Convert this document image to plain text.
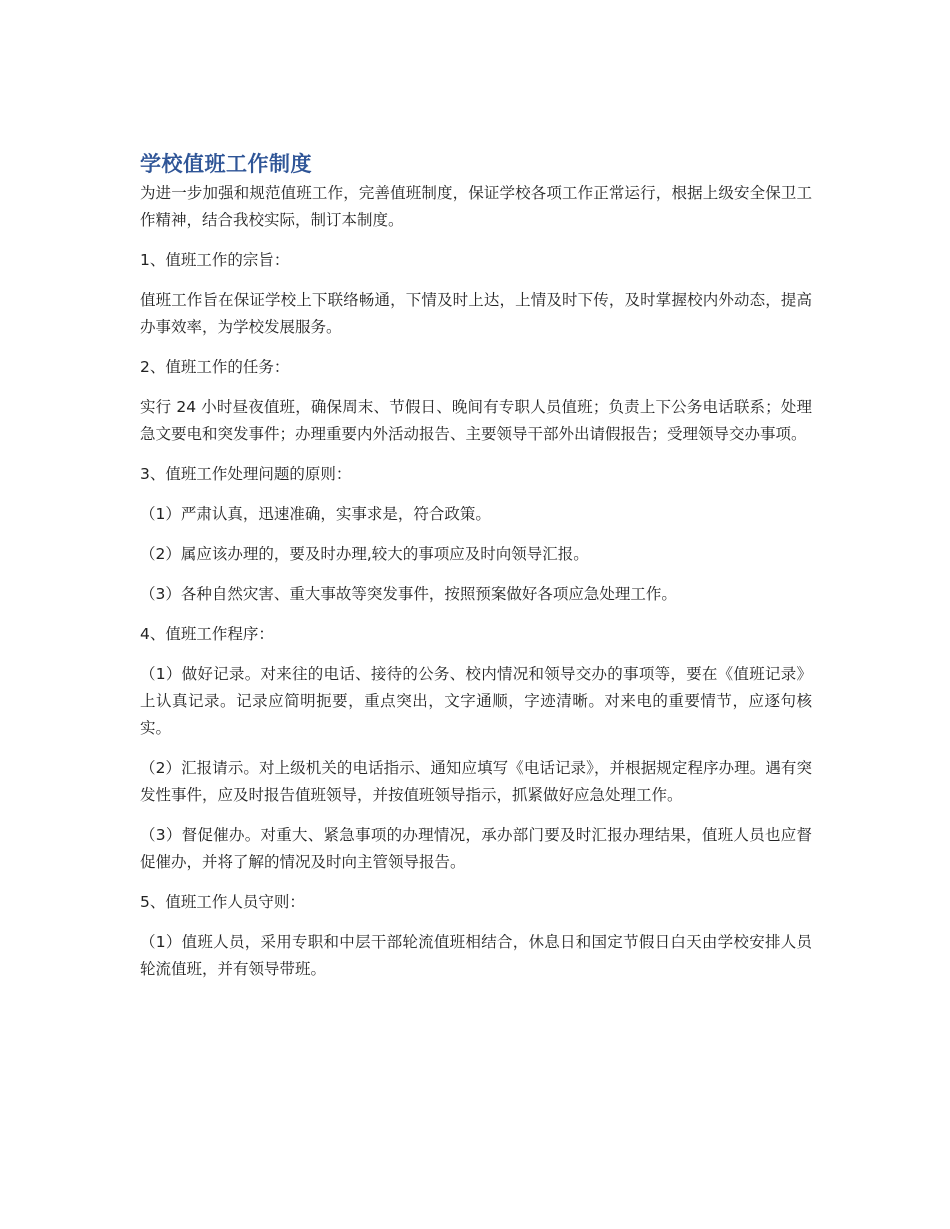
学校值班工作制度

为进一步加强和规范值班工作，完善值班制度，保证学校各项工作正常运行，根据上级安全保卫工作精神，结合我校实际，制订本制度。

1、值班工作的宗旨：

值班工作旨在保证学校上下联络畅通，下情及时上达，上情及时下传，及时掌握校内外动态，提高办事效率，为学校发展服务。

2、值班工作的任务：

实行 24 小时昼夜值班，确保周末、节假日、晚间有专职人员值班；负责上下公务电话联系；处理急文要电和突发事件；办理重要内外活动报告、主要领导干部外出请假报告；受理领导交办事项。

3、值班工作处理问题的原则：

（1）严肃认真，迅速准确，实事求是，符合政策。

（2）属应该办理的，要及时办理,较大的事项应及时向领导汇报。

（3）各种自然灾害、重大事故等突发事件，按照预案做好各项应急处理工作。

4、值班工作程序：

（1）做好记录。对来往的电话、接待的公务、校内情况和领导交办的事项等，要在《值班记录》上认真记录。记录应简明扼要，重点突出，文字通顺，字迹清晰。对来电的重要情节，应逐句核实。

（2）汇报请示。对上级机关的电话指示、通知应填写《电话记录》，并根据规定程序办理。遇有突发性事件，应及时报告值班领导，并按值班领导指示，抓紧做好应急处理工作。

（3）督促催办。对重大、紧急事项的办理情况，承办部门要及时汇报办理结果，值班人员也应督促催办，并将了解的情况及时向主管领导报告。

5、值班工作人员守则：

（1）值班人员，采用专职和中层干部轮流值班相结合，休息日和国定节假日白天由学校安排人员轮流值班，并有领导带班。
